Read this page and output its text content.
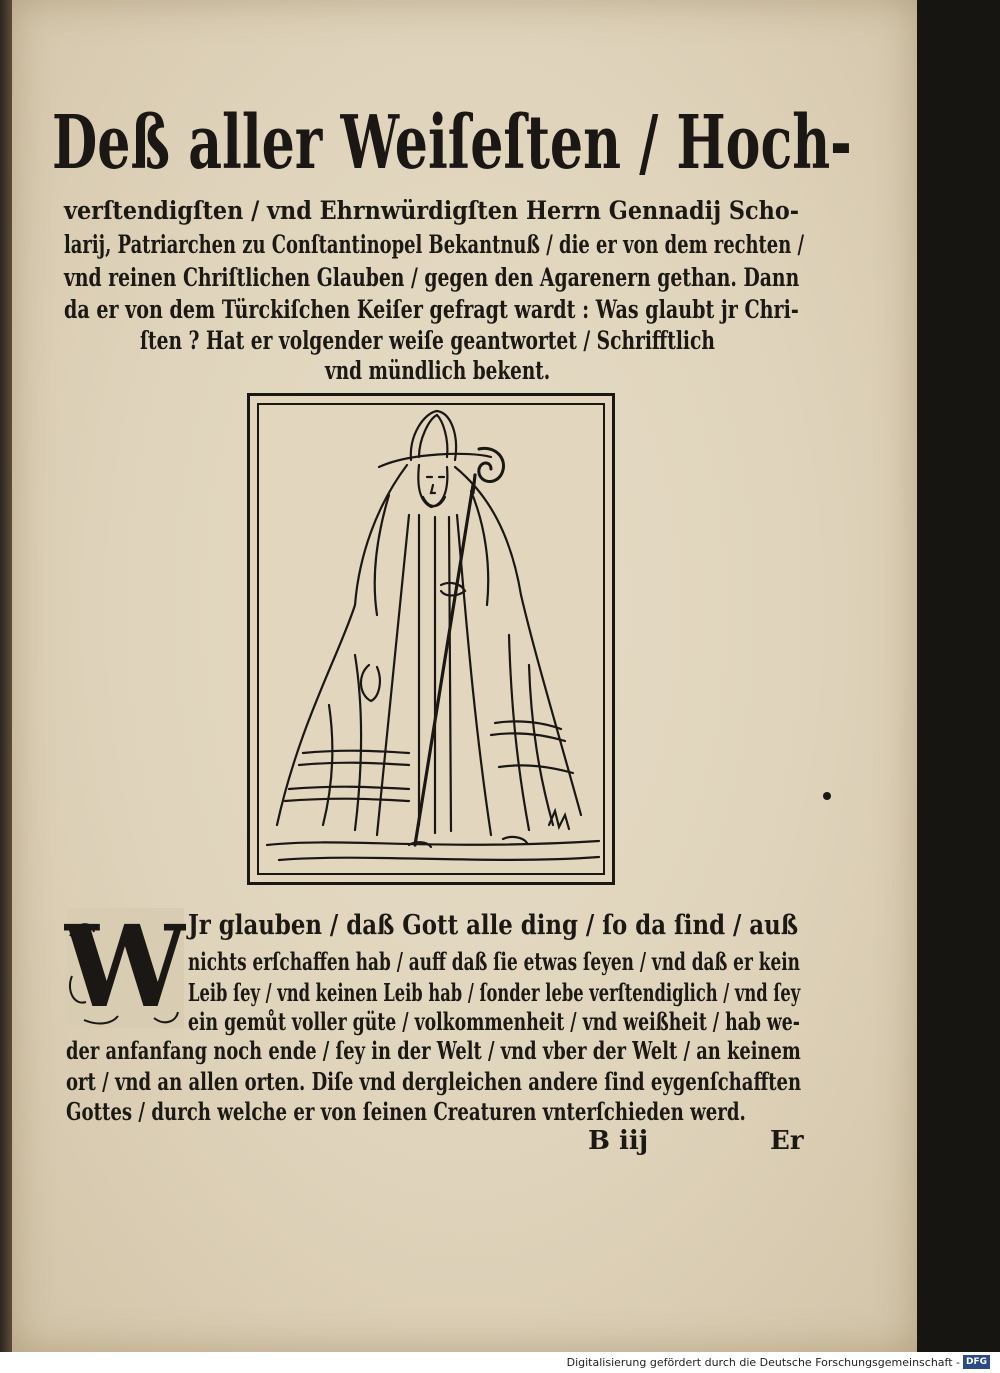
Deß aller Weiſeſten / Hoch-
verſtendigſten / vnd Ehrnwürdigſten Herrn Gennadij Scho-
larij, Patriarchen zu Conſtantinopel Bekantnuß / die er von dem rechten /
vnd reinen Chriſtlichen Glauben / gegen den Agarenern gethan. Dann
da er von dem Türckiſchen Keiſer gefragt wardt : Was glaubt jr Chri-
ſten ? Hat er volgender weiſe geantwortet / Schrifftlich
vnd mündlich bekent.
W Jr glauben / daß Gott alle ding / ſo da ſind / auß
nichts erſchaffen hab / auff daß ſie etwas ſeyen / vnd daß er kein
Leib ſey / vnd keinen Leib hab / ſonder lebe verſtendiglich / vnd ſey
ein gemůt voller güte / volkommenheit / vnd weißheit / hab we-
der anfanfang noch ende / ſey in der Welt / vnd vber der Welt / an keinem
ort / vnd an allen orten. Diſe vnd dergleichen andere ſind eygenſchafften
Gottes / durch welche er von ſeinen Creaturen vnterſchieden werd.
B iij	Er
Digitalisierung gefördert durch die Deutsche Forschungsgemeinschaft - DFG
